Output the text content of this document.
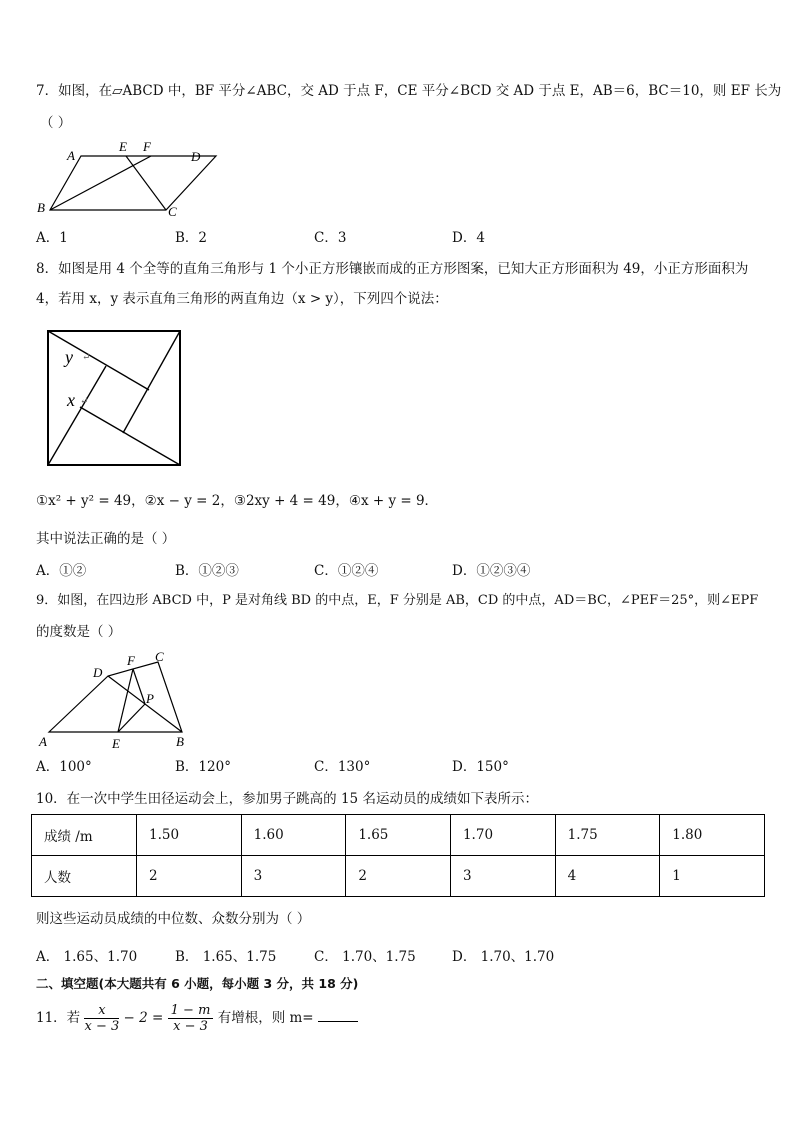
7．如图，在▱ABCD 中，BF 平分∠ABC，交 AD 于点 F，CE 平分∠BCD 交 AD 于点 E，AB＝6，BC＝10，则 EF 长为
（ ）
A
E F
D
B	C
A．1	B．2	C．3	D．4
8．如图是用 4 个全等的直角三角形与 1 个小正方形镶嵌而成的正方形图案，已知大正方形面积为 49，小正方形面积为
4，若用 x，y 表示直角三角形的两直角边（x > y），下列四个说法：
y
x
↵
↵
①x² + y² = 49，②x − y = 2，③2xy + 4 = 49，④x + y = 9．
其中说法正确的是（ ）
A．①②	B．①②③	C．①②④	D．①②③④
9．如图，在四边形 ABCD 中，P 是对角线 BD 的中点，E，F 分别是 AB，CD 的中点，AD＝BC，∠PEF＝25°，则∠EPF
的度数是（ ）
D
F C
P
A	E	B
A．100°	B．120°	C．130°	D．150°
10．在一次中学生田径运动会上，参加男子跳高的 15 名运动员的成绩如下表所示：
成绩 /m	1.50	1.60	1.65	1.70	1.75	1.80
人数	2	3	2	3	4	1
则这些运动员成绩的中位数、众数分别为（ ）
A． 1.65、1.70	B． 1.65、1.75	C． 1.70、1.75	D． 1.70、1.70
二、填空题(本大题共有 6 小题，每小题 3 分，共 18 分)
11．若 $\frac{x}{x - 3} - 2 = \frac{1 - m}{x - 3}$ 有增根，则 m=
